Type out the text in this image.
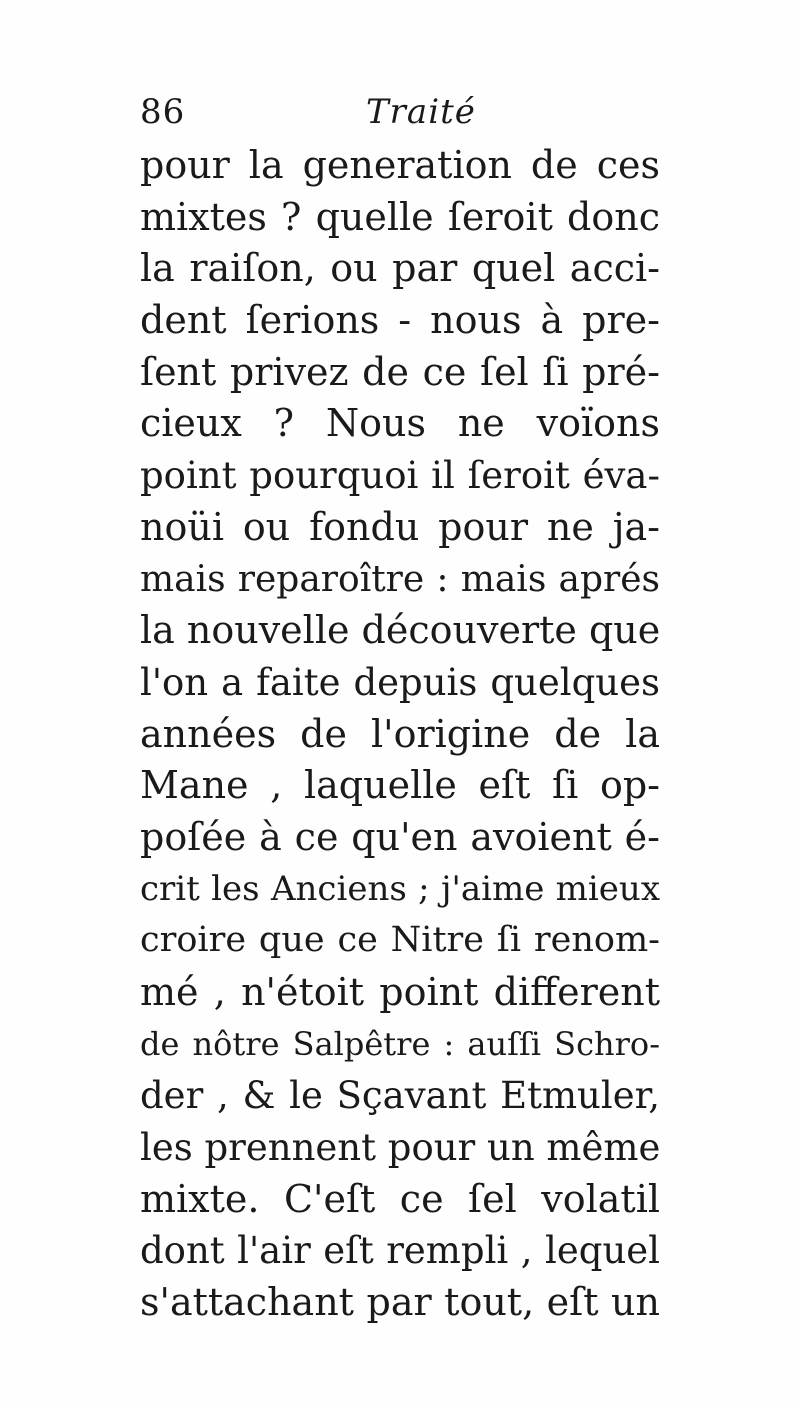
86	Traité
pour la generation de ces
mixtes ? quelle ſeroit donc
la raiſon, ou par quel acci-
dent ſerions - nous à pre-
ſent privez de ce ſel ſi pré-
cieux ? Nous ne voïons
point pourquoi il ſeroit éva-
noüi ou fondu pour ne ja-
mais reparoître : mais aprés
la nouvelle découverte que
l'on a faite depuis quelques
années de l'origine de la
Mane , laquelle eſt ſi op-
poſée à ce qu'en avoient é-
crit les Anciens ; j'aime mieux
croire que ce Nitre ſi renom-
mé , n'étoit point different
de nôtre Salpêtre : auſſi Schro-
der , & le Sçavant Etmuler,
les prennent pour un même
mixte. C'eſt ce ſel volatil
dont l'air eſt rempli , lequel
s'attachant par tout, eſt un
